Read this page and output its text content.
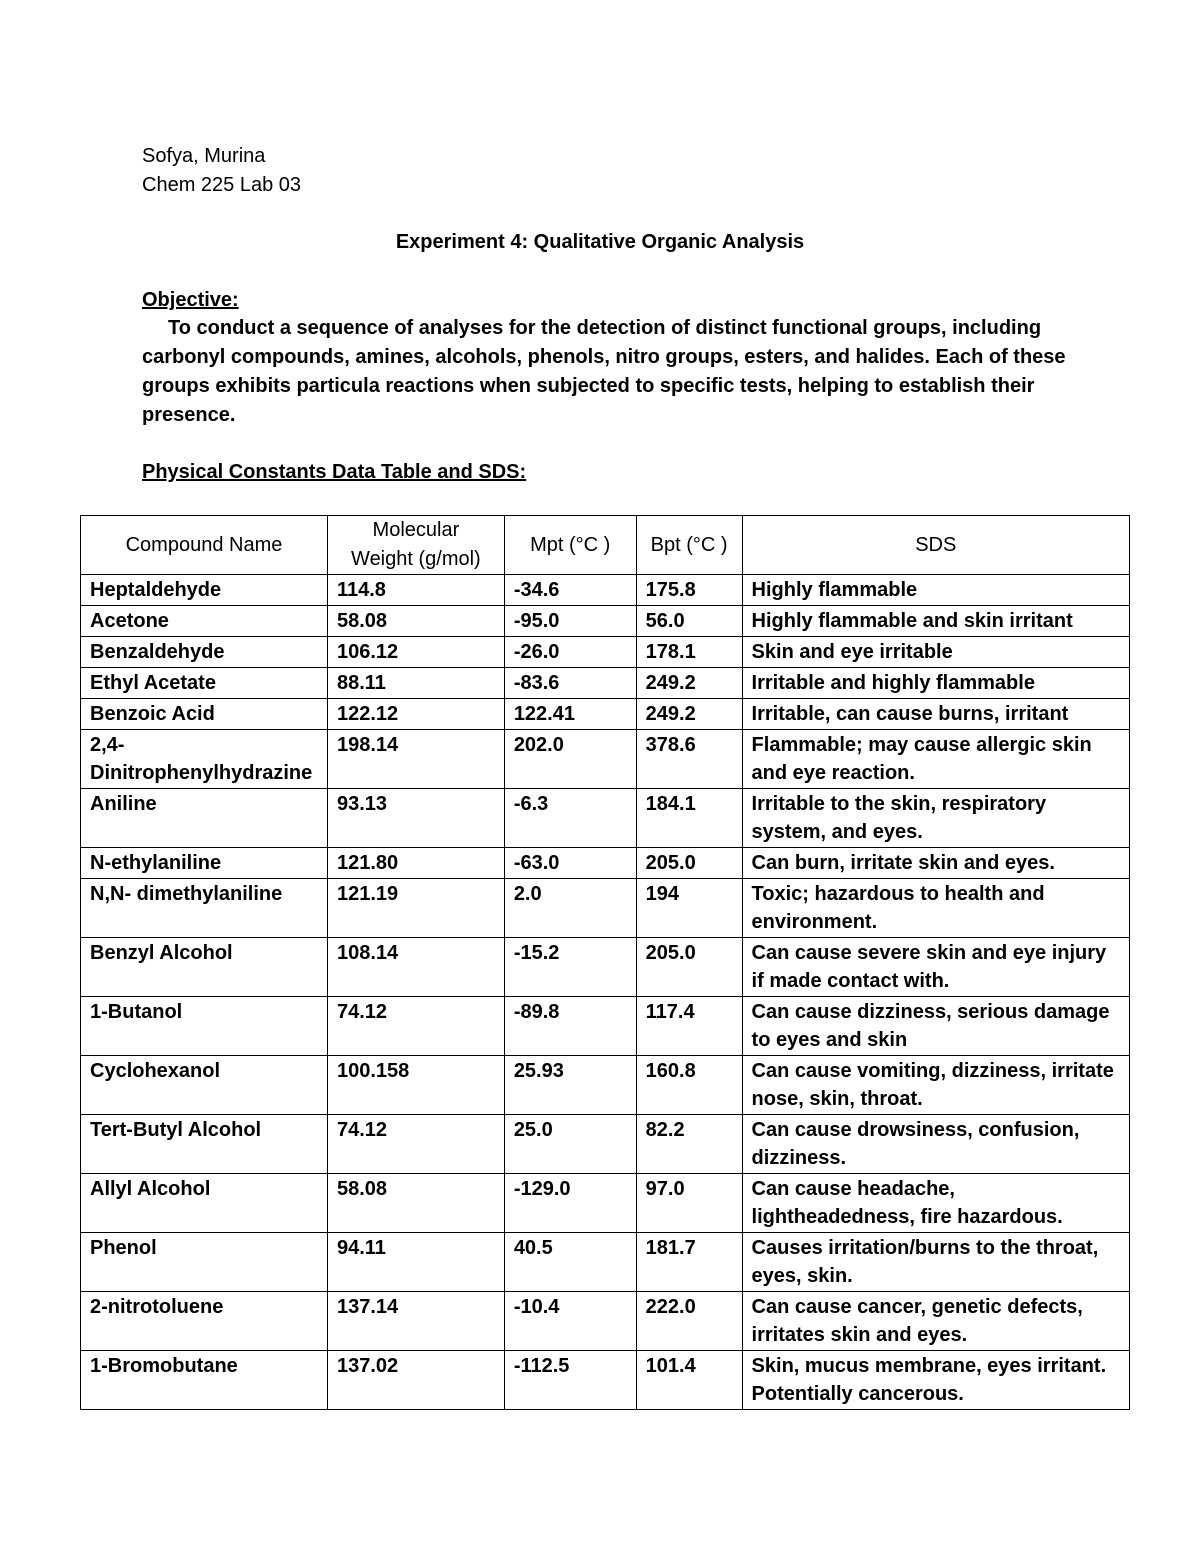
Sofya, Murina
Chem 225 Lab 03
Experiment 4: Qualitative Organic Analysis
Objective:
To conduct a sequence of analyses for the detection of distinct functional groups, including carbonyl compounds, amines, alcohols, phenols, nitro groups, esters, and halides. Each of these groups exhibits particula reactions when subjected to specific tests, helping to establish their presence.
Physical Constants Data Table and SDS:
Compound Name	Molecular Weight (g/mol)	Mpt (°C )	Bpt (°C )	SDS
Heptaldehyde	114.8	-34.6	175.8	Highly flammable
Acetone	58.08	-95.0	56.0	Highly flammable and skin irritant
Benzaldehyde	106.12	-26.0	178.1	Skin and eye irritable
Ethyl Acetate	88.11	-83.6	249.2	Irritable and highly flammable
Benzoic Acid	122.12	122.41	249.2	Irritable, can cause burns, irritant
2,4- Dinitrophenylhydrazine	198.14	202.0	378.6	Flammable; may cause allergic skin and eye reaction.
Aniline	93.13	-6.3	184.1	Irritable to the skin, respiratory system, and eyes.
N-ethylaniline	121.80	-63.0	205.0	Can burn, irritate skin and eyes.
N,N- dimethylaniline	121.19	2.0	194	Toxic; hazardous to health and environment.
Benzyl Alcohol	108.14	-15.2	205.0	Can cause severe skin and eye injury if made contact with.
1-Butanol	74.12	-89.8	117.4	Can cause dizziness, serious damage to eyes and skin
Cyclohexanol	100.158	25.93	160.8	Can cause vomiting, dizziness, irritate nose, skin, throat.
Tert-Butyl Alcohol	74.12	25.0	82.2	Can cause drowsiness, confusion, dizziness.
Allyl Alcohol	58.08	-129.0	97.0	Can cause headache, lightheadedness, fire hazardous.
Phenol	94.11	40.5	181.7	Causes irritation/burns to the throat, eyes, skin.
2-nitrotoluene	137.14	-10.4	222.0	Can cause cancer, genetic defects, irritates skin and eyes.
1-Bromobutane	137.02	-112.5	101.4	Skin, mucus membrane, eyes irritant. Potentially cancerous.
